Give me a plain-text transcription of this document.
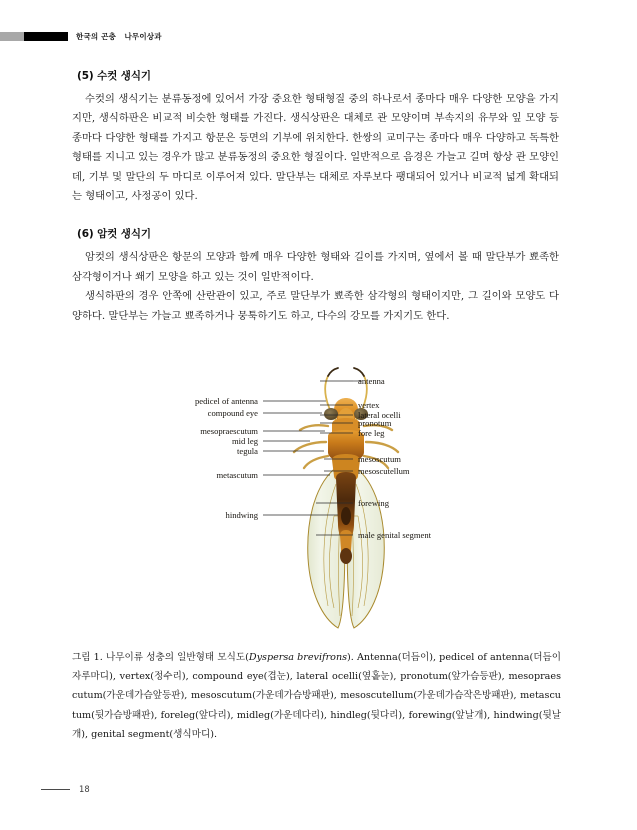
한국의 곤충   나무이상과
(5) 수컷 생식기

수컷의 생식기는 분류동정에 있어서 가장 중요한 형태형질 중의 하나로서 종마다 매우 다양한 모양을 가지지만, 생식하판은 비교적 비슷한 형태를 가진다. 생식상판은 대체로 관 모양이며 부속지의 유무와 잎 모양 등 종마다 다양한 형태를 가지고 항문은 등면의 기부에 위치한다. 한쌍의 교미구는 종마다 매우 다양하고 독특한 형태를 지니고 있는 경우가 많고 분류동정의 중요한 형질이다. 일반적으로 음경은 가늘고 길며 항상 관 모양인데, 기부 및 말단의 두 마디로 이루어져 있다. 말단부는 대체로 자루보다 팽대되어 있거나 비교적 넓게 확대되는 형태이고, 사정공이 있다.

(6) 암컷 생식기

암컷의 생식상판은 항문의 모양과 함께 매우 다양한 형태와 길이를 가지며, 옆에서 볼 때 말단부가 뾰족한 삼각형이거나 쐐기 모양을 하고 있는 것이 일반적이다.

생식하판의 경우 안쪽에 산란관이 있고, 주로 말단부가 뾰족한 삼각형의 형태이지만, 그 길이와 모양도 다양하다. 말단부는 가늘고 뾰족하거나 뭉툭하기도 하고, 다수의 강모를 가지기도 한다.

pedicel of antenna
compound eye
mesopraescutum
mid leg
tegula
metascutum
hindwing
antenna
vertex
lateral ocelli
pronotum
fore leg
mesoscutum
mesoscutellum
forewing
male genital segment

그림 1. 나무이류 성충의 일반형태 모식도(Dyspersa brevifrons). Antenna(더듬이), pedicel of antenna(더듬이 자루마디), vertex(정수리), compound eye(겹눈), lateral ocelli(옆홑눈), pronotum(앞가슴등판), mesopraescutum(가운데가슴앞등판), mesoscutum(가운데가슴방패판), mesoscutellum(가운데가슴작은방패판), metascutum(뒷가슴방패판), foreleg(앞다리), midleg(가운데다리), hindleg(뒷다리), forewing(앞날개), hindwing(뒷날개), genital segment(생식마디).

18
